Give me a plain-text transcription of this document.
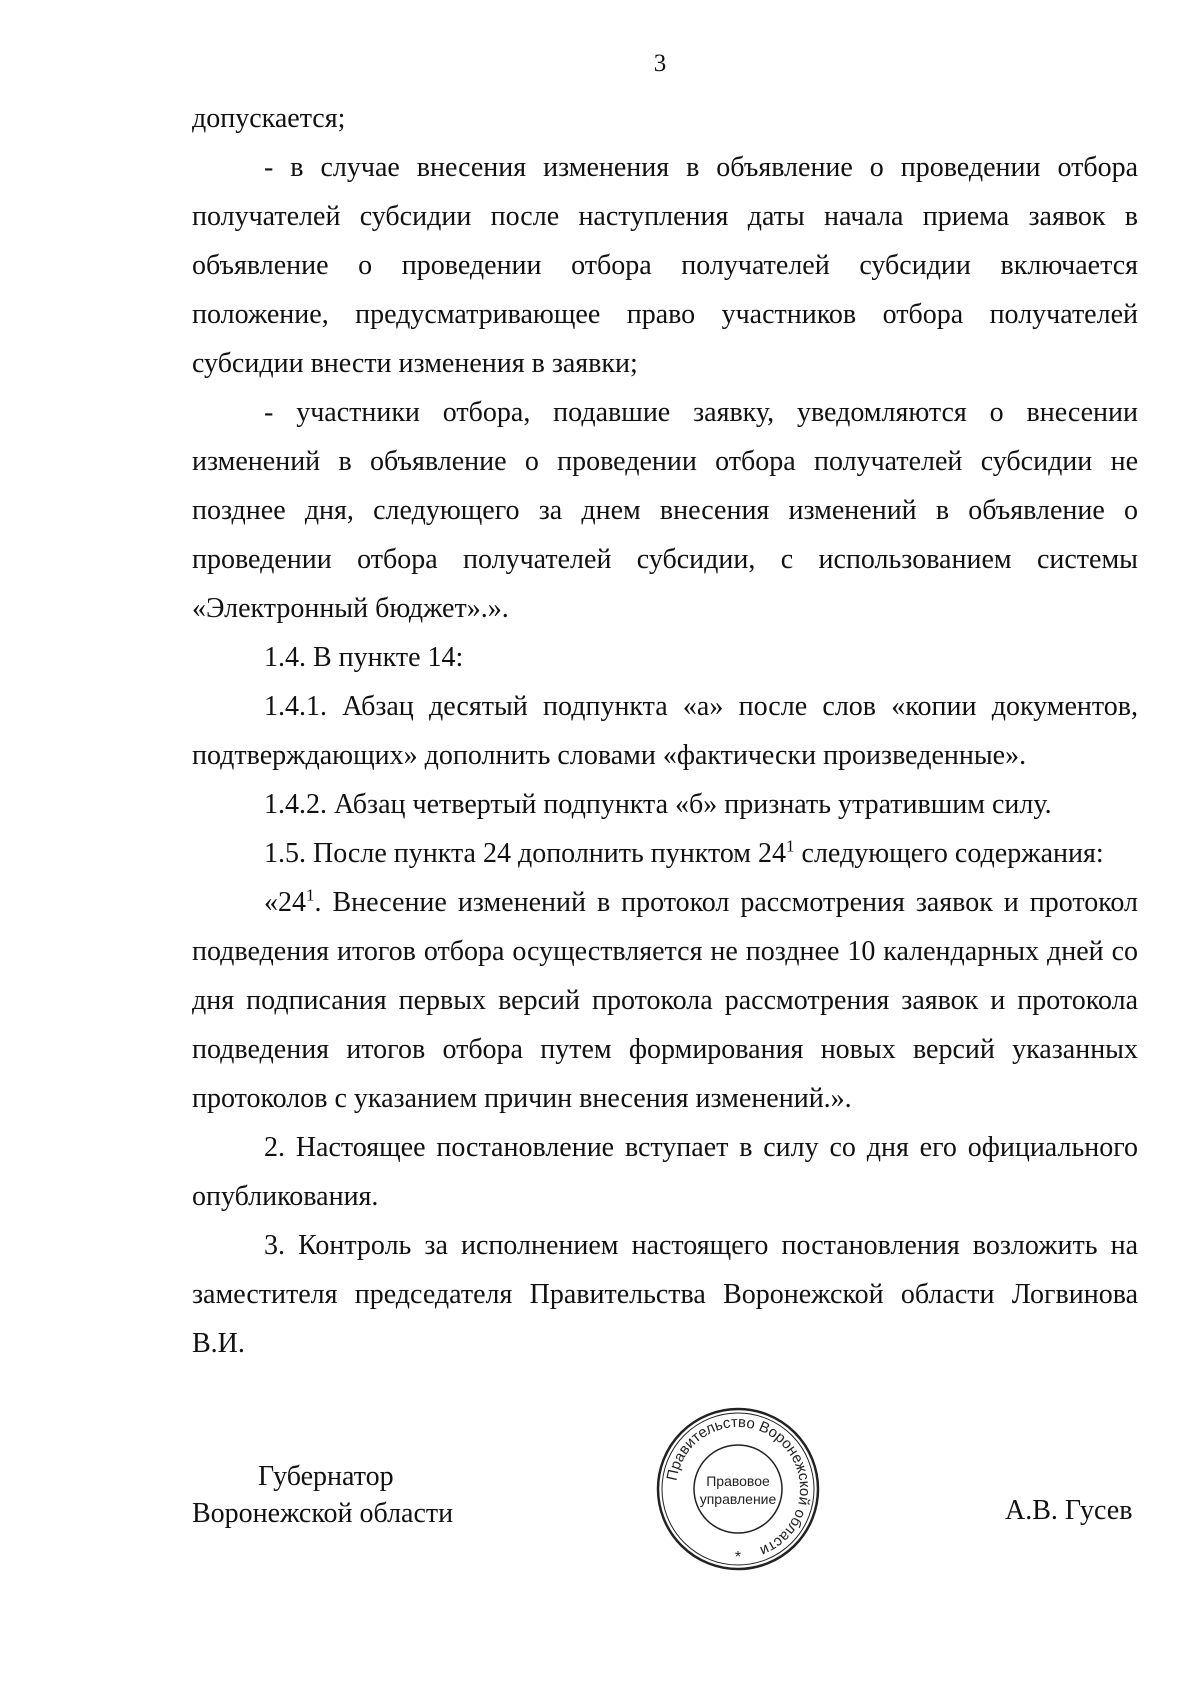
3

допускается;

- в случае внесения изменения в объявление о проведении отбора получателей субсидии после наступления даты начала приема заявок в объявление о проведении отбора получателей субсидии включается положение, предусматривающее право участников отбора получателей субсидии внести изменения в заявки;

- участники отбора, подавшие заявку, уведомляются о внесении изменений в объявление о проведении отбора получателей субсидии не позднее дня, следующего за днем внесения изменений в объявление о проведении отбора получателей субсидии, с использованием системы «Электронный бюджет».».

1.4. В пункте 14:

1.4.1. Абзац десятый подпункта «а» после слов «копии документов, подтверждающих» дополнить словами «фактически произведенные».

1.4.2. Абзац четвертый подпункта «б» признать утратившим силу.

1.5. После пункта 24 дополнить пунктом $24^1$ следующего содержания:

«$24^1$. Внесение изменений в протокол рассмотрения заявок и протокол подведения итогов отбора осуществляется не позднее 10 календарных дней со дня подписания первых версий протокола рассмотрения заявок и протокола подведения итогов отбора путем формирования новых версий указанных протоколов с указанием причин внесения изменений.».

2. Настоящее постановление вступает в силу со дня его официального опубликования.

3. Контроль за исполнением настоящего постановления возложить на заместителя председателя Правительства Воронежской области Логвинова В.И.

Губернатор
Воронежской области	А.В. Гусев
Правительство Воронежской области
Правовое
управление
*
